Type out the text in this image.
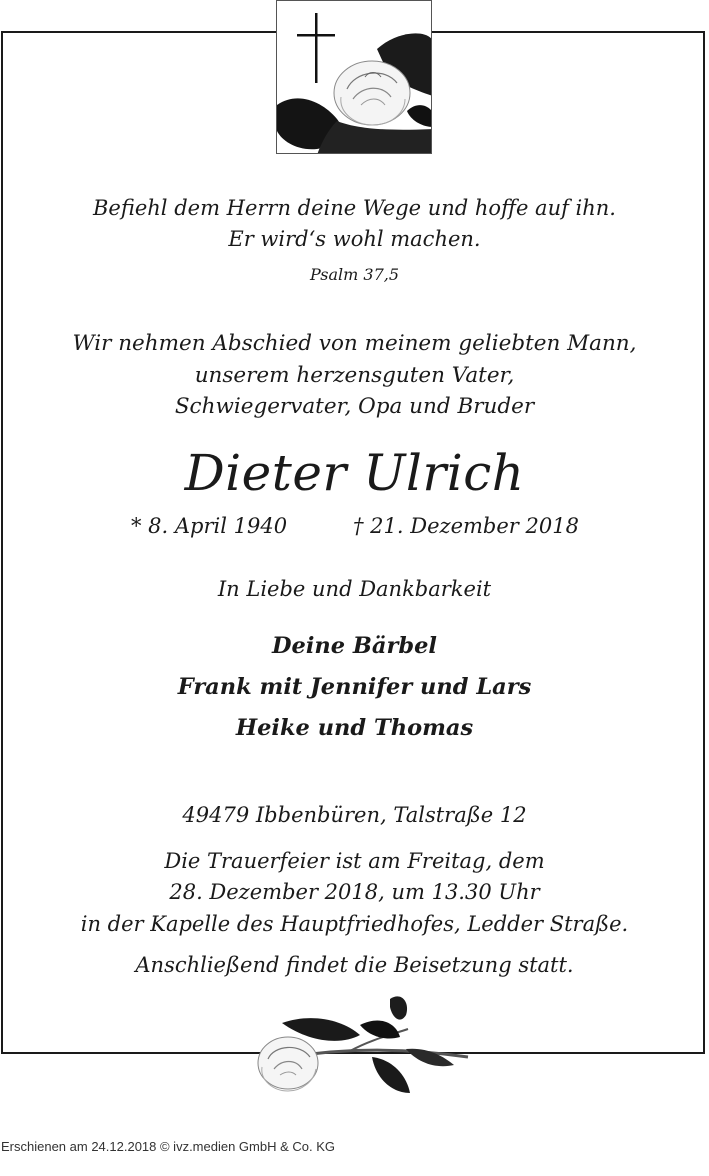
Befiehl dem Herrn deine Wege und hoffe auf ihn.
Er wird‘s wohl machen.
Psalm 37,5
Wir nehmen Abschied von meinem geliebten Mann,
unserem herzensguten Vater,
Schwiegervater, Opa und Bruder
Dieter Ulrich
* 8. April 1940	† 21. Dezember 2018
In Liebe und Dankbarkeit
Deine Bärbel
Frank mit Jennifer und Lars
Heike und Thomas
49479 Ibbenbüren, Talstraße 12
Die Trauerfeier ist am Freitag, dem
28. Dezember 2018, um 13.30 Uhr
in der Kapelle des Hauptfriedhofes, Ledder Straße.
Anschließend findet die Beisetzung statt.
Erschienen am 24.12.2018 © ivz.medien GmbH & Co. KG
